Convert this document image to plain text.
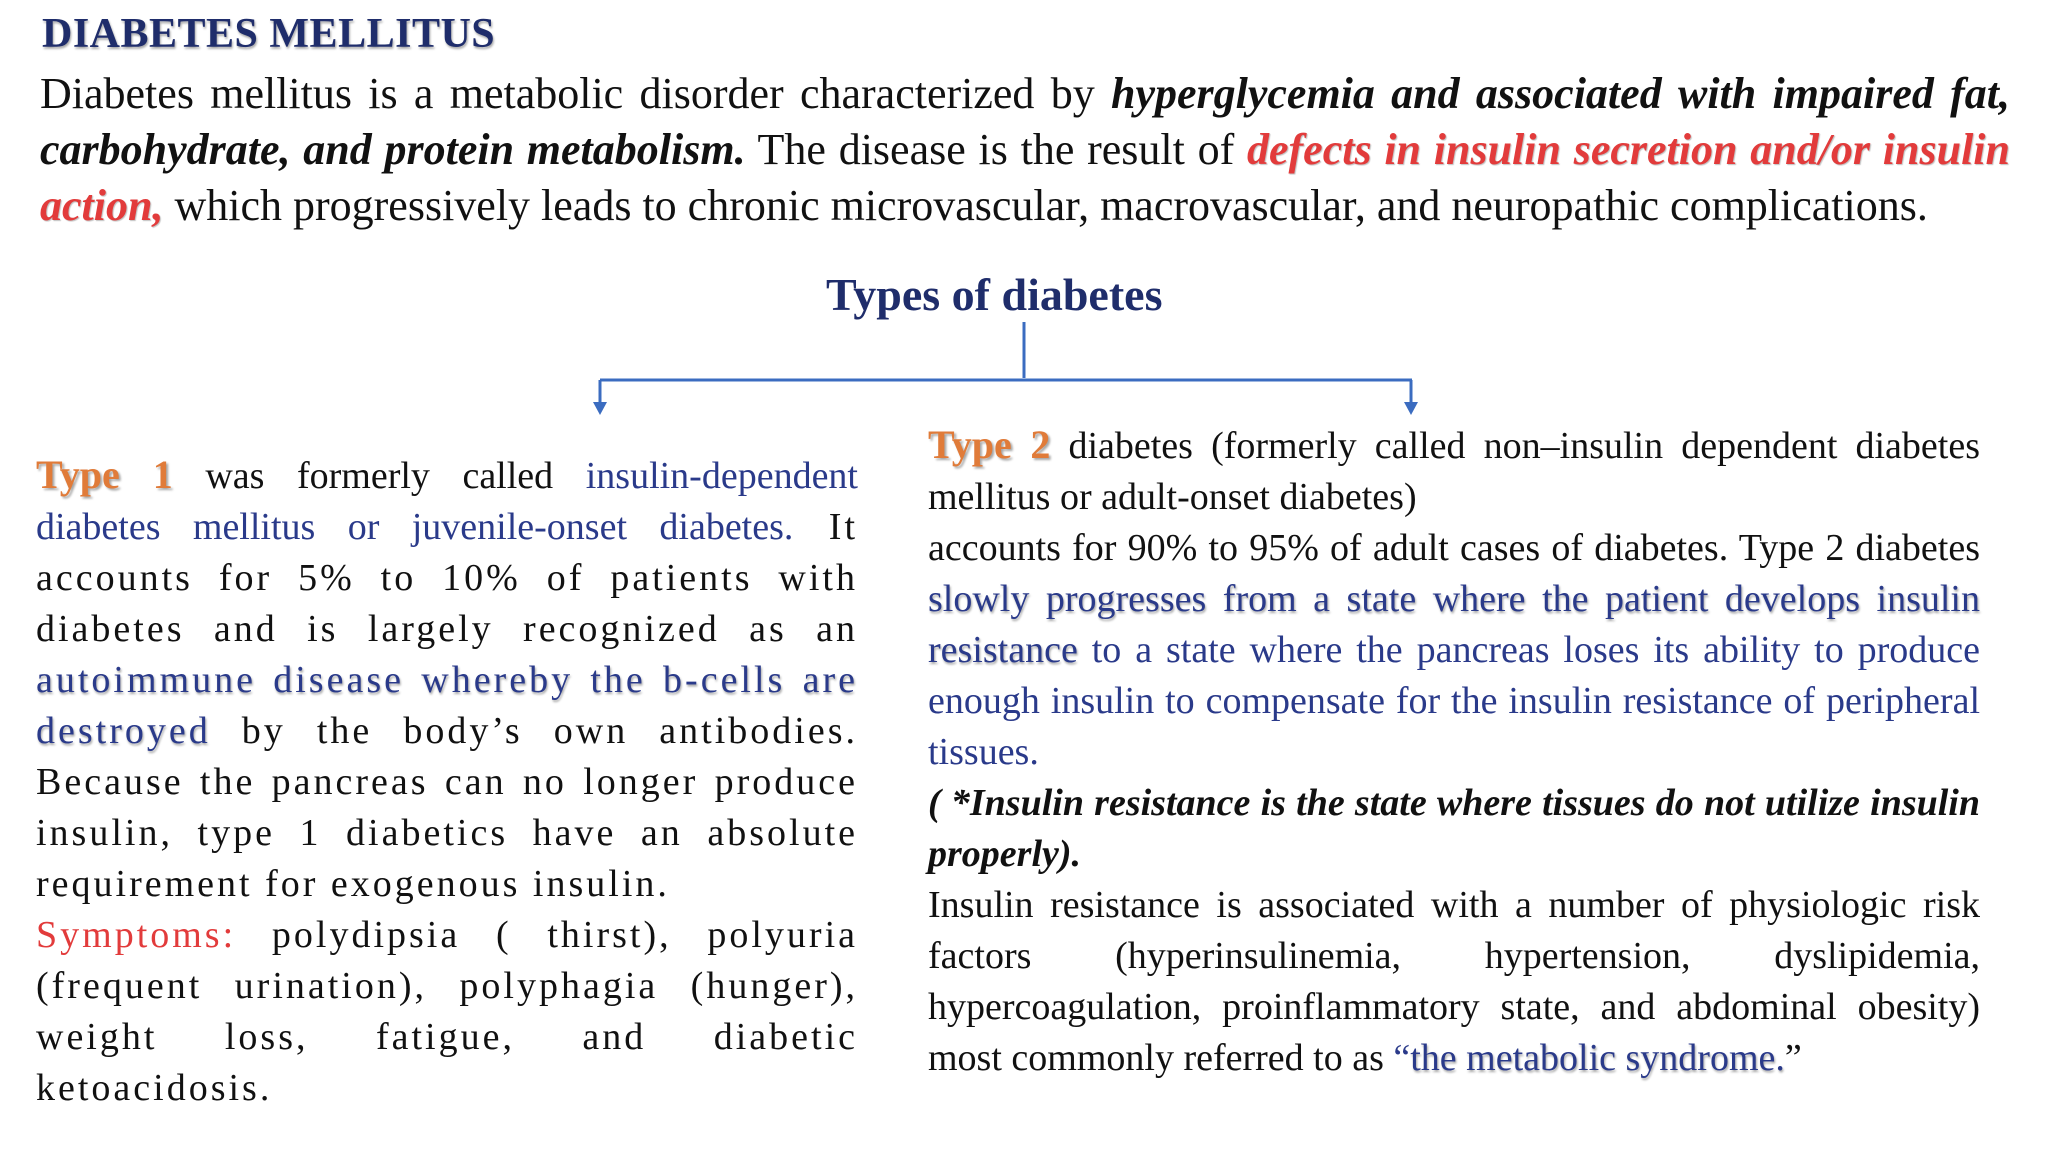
DIABETES MELLITUS
Diabetes mellitus is a metabolic disorder characterized by hyperglycemia and associated with impaired fat, carbohydrate, and protein metabolism. The disease is the result of defects in insulin secretion and/or insulin action, which progressively leads to chronic microvascular, macrovascular, and neuropathic complications.
Types of diabetes
Type 1 was formerly called insulin-dependent diabetes mellitus or juvenile-onset diabetes. It accounts for 5% to 10% of patients with diabetes and is largely recognized as an autoimmune disease whereby the b-cells are destroyed by the body’s own antibodies. Because the pancreas can no longer produce insulin, type 1 diabetics have an absolute requirement for exogenous insulin.
Symptoms: polydipsia ( thirst), polyuria (frequent urination), polyphagia (hunger), weight loss, fatigue, and diabetic ketoacidosis.
Type 2 diabetes (formerly called non–insulin dependent diabetes mellitus or adult-onset diabetes)
accounts for 90% to 95% of adult cases of diabetes. Type 2 diabetes slowly progresses from a state where the patient develops insulin resistance to a state where the pancreas loses its ability to produce enough insulin to compensate for the insulin resistance of peripheral tissues.
( *Insulin resistance is the state where tissues do not utilize insulin properly).
Insulin resistance is associated with a number of physiologic risk factors (hyperinsulinemia, hypertension, dyslipidemia, hypercoagulation, proinflammatory state, and abdominal obesity) most commonly referred to as “the metabolic syndrome.”
